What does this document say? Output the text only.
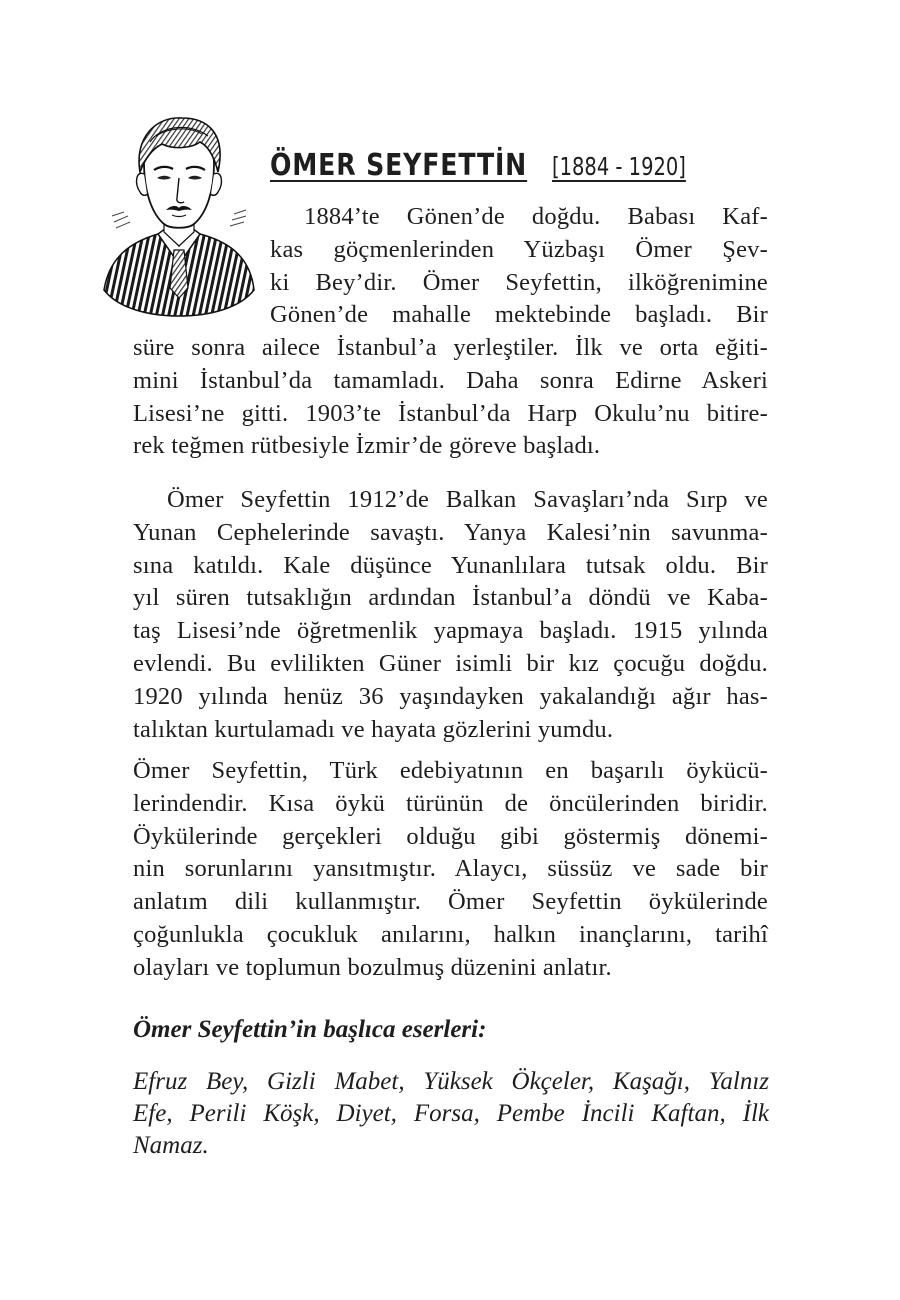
ÖMER SEYFETTİN [1884 - 1920]
1884’te Gönen’de doğdu. Babası Kaf-
kas göçmenlerinden Yüzbaşı Ömer Şev-
ki Bey’dir. Ömer Seyfettin, ilköğrenimine
Gönen’de mahalle mektebinde başladı. Bir
süre sonra ailece İstanbul’a yerleştiler. İlk ve orta eğiti-
mini İstanbul’da tamamladı. Daha sonra Edirne Askeri
Lisesi’ne gitti. 1903’te İstanbul’da Harp Okulu’nu bitire-
rek teğmen rütbesiyle İzmir’de göreve başladı.
Ömer Seyfettin 1912’de Balkan Savaşları’nda Sırp ve
Yunan Cephelerinde savaştı. Yanya Kalesi’nin savunma-
sına katıldı. Kale düşünce Yunanlılara tutsak oldu. Bir
yıl süren tutsaklığın ardından İstanbul’a döndü ve Kaba-
taş Lisesi’nde öğretmenlik yapmaya başladı. 1915 yılında
evlendi. Bu evlilikten Güner isimli bir kız çocuğu doğdu.
1920 yılında henüz 36 yaşındayken yakalandığı ağır has-
talıktan kurtulamadı ve hayata gözlerini yumdu.
Ömer Seyfettin, Türk edebiyatının en başarılı öykücü-
lerindendir. Kısa öykü türünün de öncülerinden biridir.
Öykülerinde gerçekleri olduğu gibi göstermiş dönemi-
nin sorunlarını yansıtmıştır. Alaycı, süssüz ve sade bir
anlatım dili kullanmıştır. Ömer Seyfettin öykülerinde
çoğunlukla çocukluk anılarını, halkın inançlarını, tarihî
olayları ve toplumun bozulmuş düzenini anlatır.
Ömer Seyfettin’in başlıca eserleri:
Efruz Bey, Gizli Mabet, Yüksek Ökçeler, Kaşağı, Yalnız
Efe, Perili Köşk, Diyet, Forsa, Pembe İncili Kaftan, İlk
Namaz.
